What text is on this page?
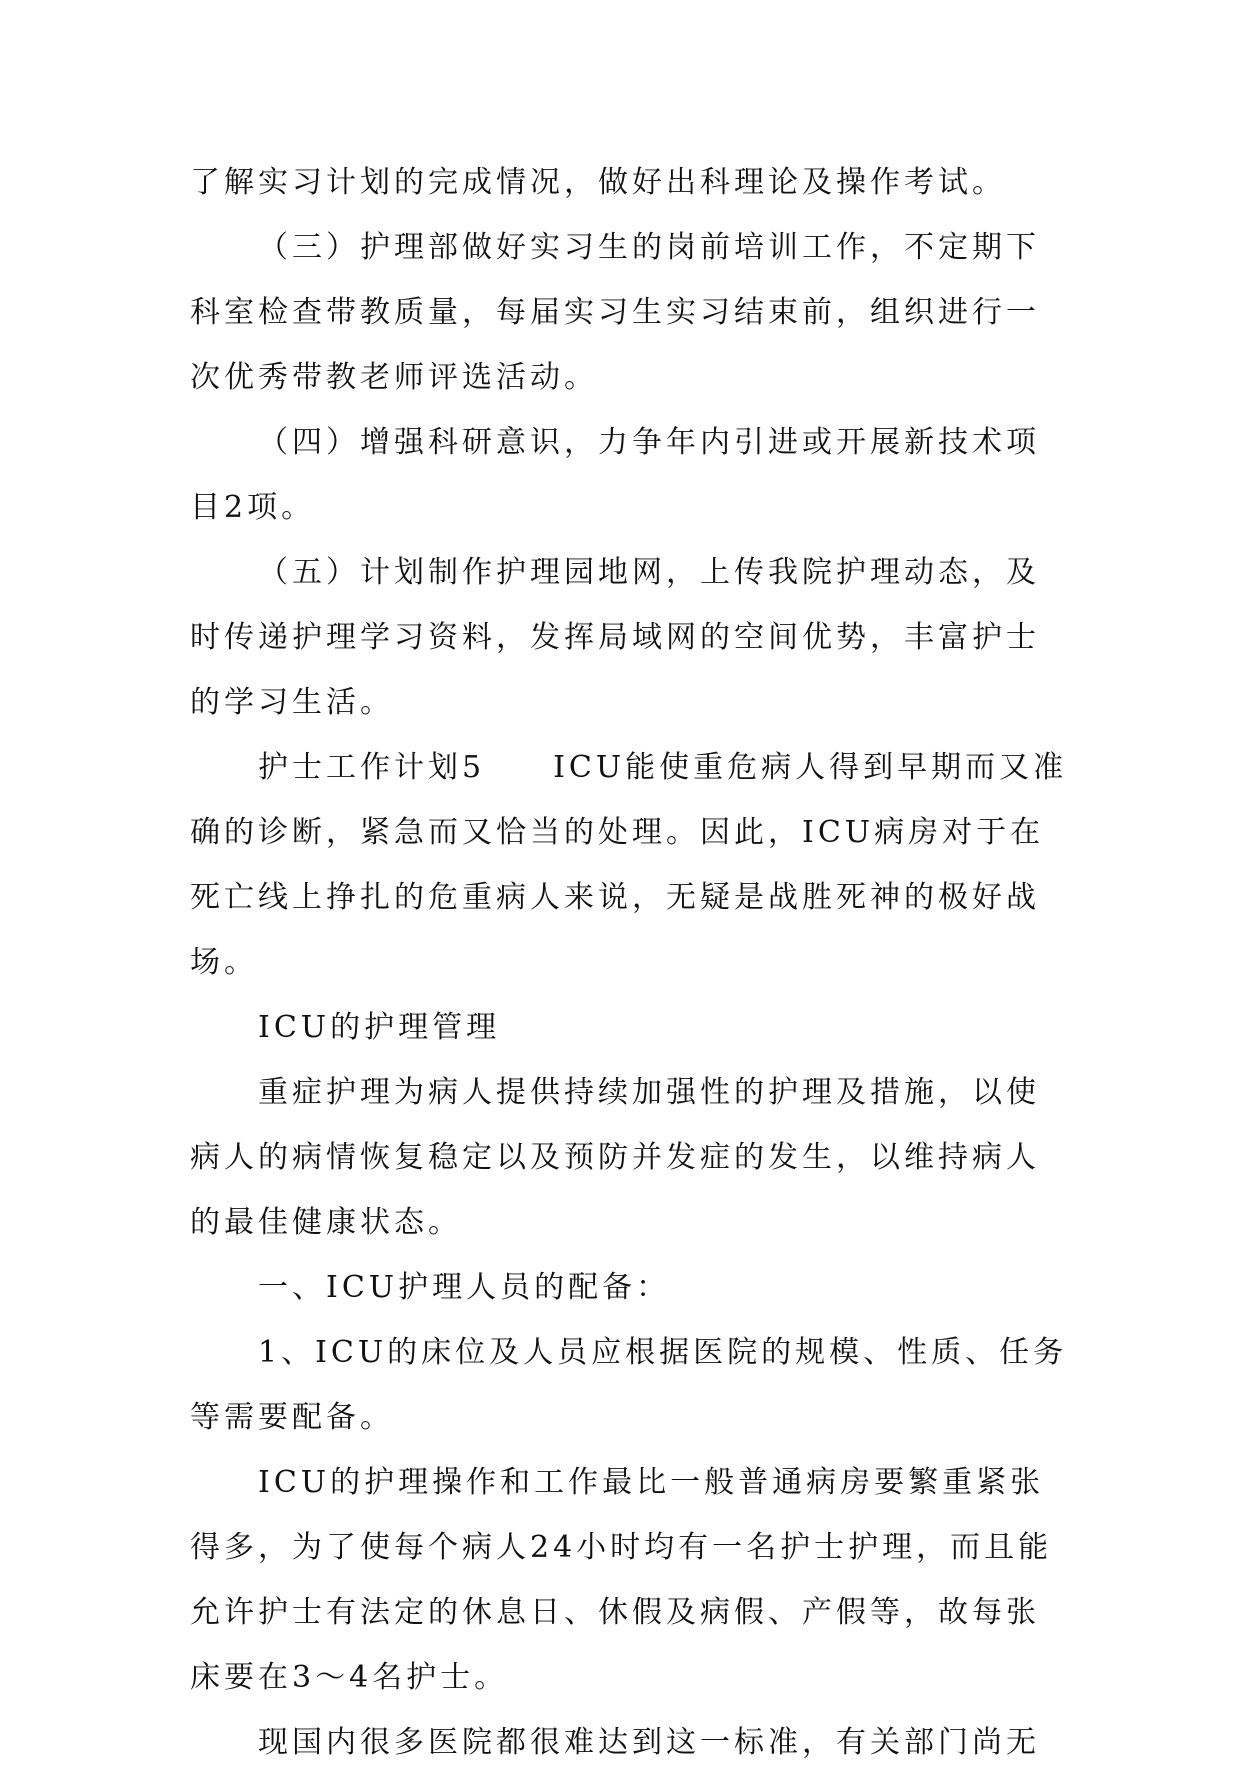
了解实习计划的完成情况，做好出科理论及操作考试。

（三）护理部做好实习生的岗前培训工作，不定期下科室检查带教质量，每届实习生实习结束前，组织进行一次优秀带教老师评选活动。

（四）增强科研意识，力争年内引进或开展新技术项目2项。

（五）计划制作护理园地网，上传我院护理动态，及时传递护理学习资料，发挥局域网的空间优势，丰富护士的学习生活。

护士工作计划5　　ICU能使重危病人得到早期而又准确的诊断，紧急而又恰当的处理。因此，ICU病房对于在死亡线上挣扎的危重病人来说，无疑是战胜死神的极好战场。

ICU的护理管理

重症护理为病人提供持续加强性的护理及措施，以使病人的病情恢复稳定以及预防并发症的发生，以维持病人的最佳健康状态。

一、ICU护理人员的配备：

1、ICU的床位及人员应根据医院的规模、性质、任务等需要配备。

ICU的护理操作和工作最比一般普通病房要繁重紧张得多，为了使每个病人24小时均有一名护士护理，而且能允许护士有法定的休息日、休假及病假、产假等，故每张床要在3～4名护士。

现国内很多医院都很难达到这一标准，有关部门尚无
